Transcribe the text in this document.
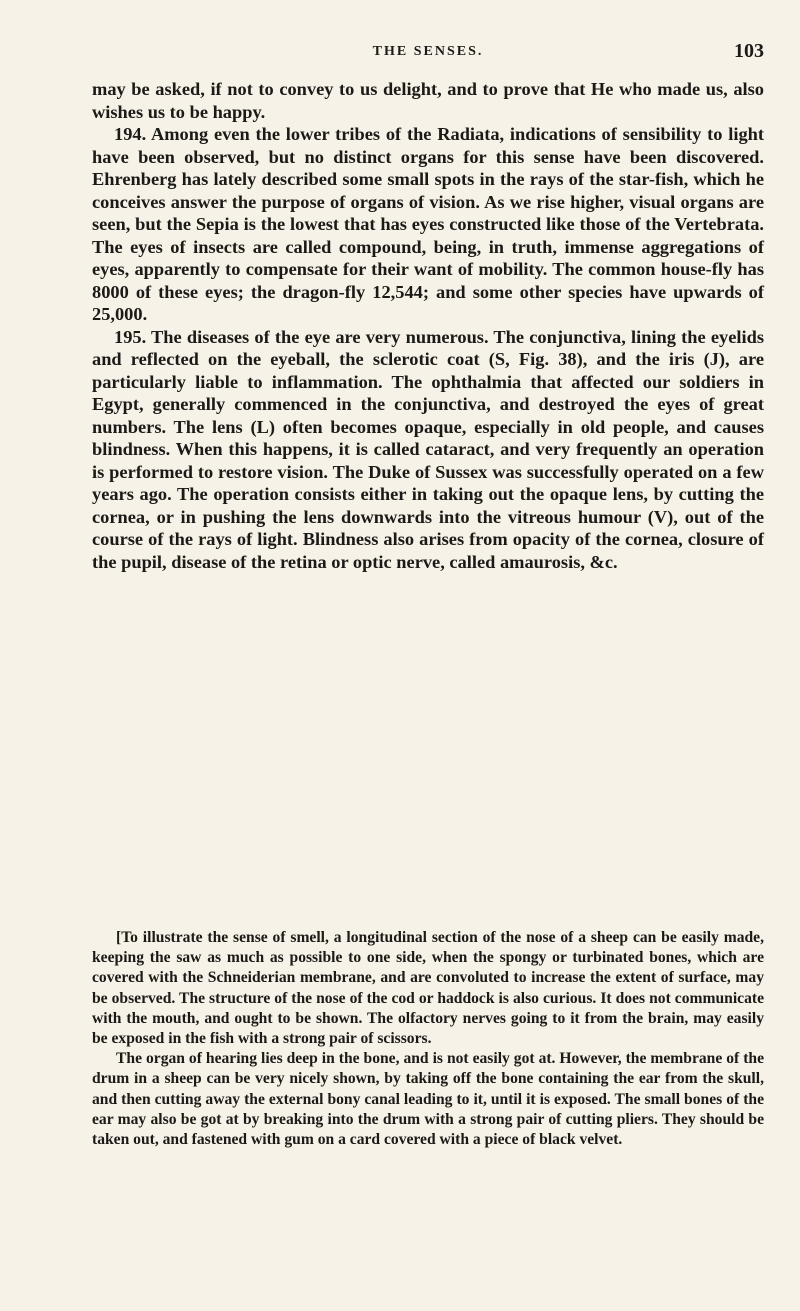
THE SENSES.	103

may be asked, if not to convey to us delight, and to prove that He who made us, also wishes us to be happy.

194. Among even the lower tribes of the Radiata, indications of sensibility to light have been observed, but no distinct organs for this sense have been discovered. Ehrenberg has lately described some small spots in the rays of the star-fish, which he conceives answer the purpose of organs of vision. As we rise higher, visual organs are seen, but the Sepia is the lowest that has eyes constructed like those of the Vertebrata. The eyes of insects are called compound, being, in truth, immense aggregations of eyes, apparently to compensate for their want of mobility. The common house-fly has 8000 of these eyes; the dragon-fly 12,544; and some other species have upwards of 25,000.

195. The diseases of the eye are very numerous. The conjunctiva, lining the eyelids and reflected on the eyeball, the sclerotic coat (S, Fig. 38), and the iris (J), are particularly liable to inflammation. The ophthalmia that affected our soldiers in Egypt, generally commenced in the conjunctiva, and destroyed the eyes of great numbers. The lens (L) often becomes opaque, especially in old people, and causes blindness. When this happens, it is called cataract, and very frequently an operation is performed to restore vision. The Duke of Sussex was successfully operated on a few years ago. The operation consists either in taking out the opaque lens, by cutting the cornea, or in pushing the lens downwards into the vitreous humour (V), out of the course of the rays of light. Blindness also arises from opacity of the cornea, closure of the pupil, disease of the retina or optic nerve, called amaurosis, &c.

[To illustrate the sense of smell, a longitudinal section of the nose of a sheep can be easily made, keeping the saw as much as possible to one side, when the spongy or turbinated bones, which are covered with the Schneiderian membrane, and are convoluted to increase the extent of surface, may be observed. The structure of the nose of the cod or haddock is also curious. It does not communicate with the mouth, and ought to be shown. The olfactory nerves going to it from the brain, may easily be exposed in the fish with a strong pair of scissors.

The organ of hearing lies deep in the bone, and is not easily got at. However, the membrane of the drum in a sheep can be very nicely shown, by taking off the bone containing the ear from the skull, and then cutting away the external bony canal leading to it, until it is exposed. The small bones of the ear may also be got at by breaking into the drum with a strong pair of cutting pliers. They should be taken out, and fastened with gum on a card covered with a piece of black velvet.
